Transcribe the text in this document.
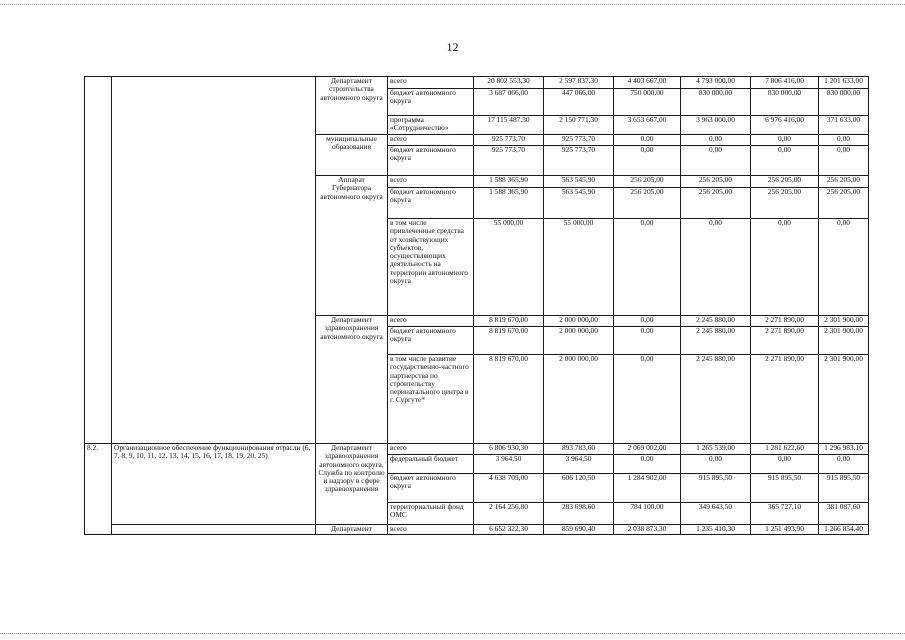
12
		Департамент строительства автономного округа	всего	20 802 553,30	2 597 837,30	4 403 667,00	4 793 000,00	7 806 416,00	1 201 633,00
			бюджет автономного округа	3 687 066,00	447 066,00	750 000,00	830 000,00	830 000,00	830 000,00
			программа «Сотрудничество»	17 115 487,30	2 150 771,30	3 653 667,00	3 963 000,00	6 976 416,00	371 633,00
		муниципальные образования	всего	925 773,70	925 773,70	0,00	0,00	0,00	0,00
			бюджет автономного округа	925 773,70	925 773,70	0,00	0,00	0,00	0,00
		Аппарат Губернатора автономного округа	всего	1 588 365,90	563 545,90	256 205,00	256 205,00	256 205,00	256 205,00
			бюджет автономного округа	1 588 365,90	563 545,90	256 205,00	256 205,00	256 205,00	256 205,00
			в том числе привлеченные средства от хозяйствующих субъектов, осуществляющих деятельность на территории автономного округа	55 000,00	55 000,00	0,00	0,00	0,00	0,00
		Департамент здравоохранения автономного округа	всего	8 819 670,00	2 000 000,00	0,00	2 245 880,00	2 271 890,00	2 301 900,00
			бюджет автономного округа	8 819 670,00	2 000 000,00	0,00	2 245 880,00	2 271 890,00	2 301 900,00
			в том числе развитие государственно-частного партнерства по строительству перинатального центра в г. Сургуте*	8 819 670,00	2 000 000,00	0,00	2 245 880,00	2 271 890,00	2 301 900,00
8.2.	Организационное обеспечение функционирования отрасли (6, 7, 8, 9, 10, 11, 12, 13, 14, 15, 16, 17, 18, 19, 20, 25)	Департамент здравоохранения автономного округа, Служба по контролю и надзору в сфере здравоохранения	всего	6 806 930,30	893 783,60	2 069 002,00	1 265 539,00	1 281 622,60	1 296 983,10
			федеральный бюджет	3 964,50	3 964,50	0,00	0,00	0,00	0,00
			бюджет автономного округа	4 638 709,00	606 120,50	1 284 902,00	915 895,50	915 895,50	915 895,50
			территориальный фонд ОМС	2 164 256,80	283 698,60	784 100,00	349 643,50	365 727,10	381 087,60
		Департамент	всего	6 652 322,30	859 690,40	2 038 873,30	1 235 410,30	1 251 493,90	1 266 854,40
